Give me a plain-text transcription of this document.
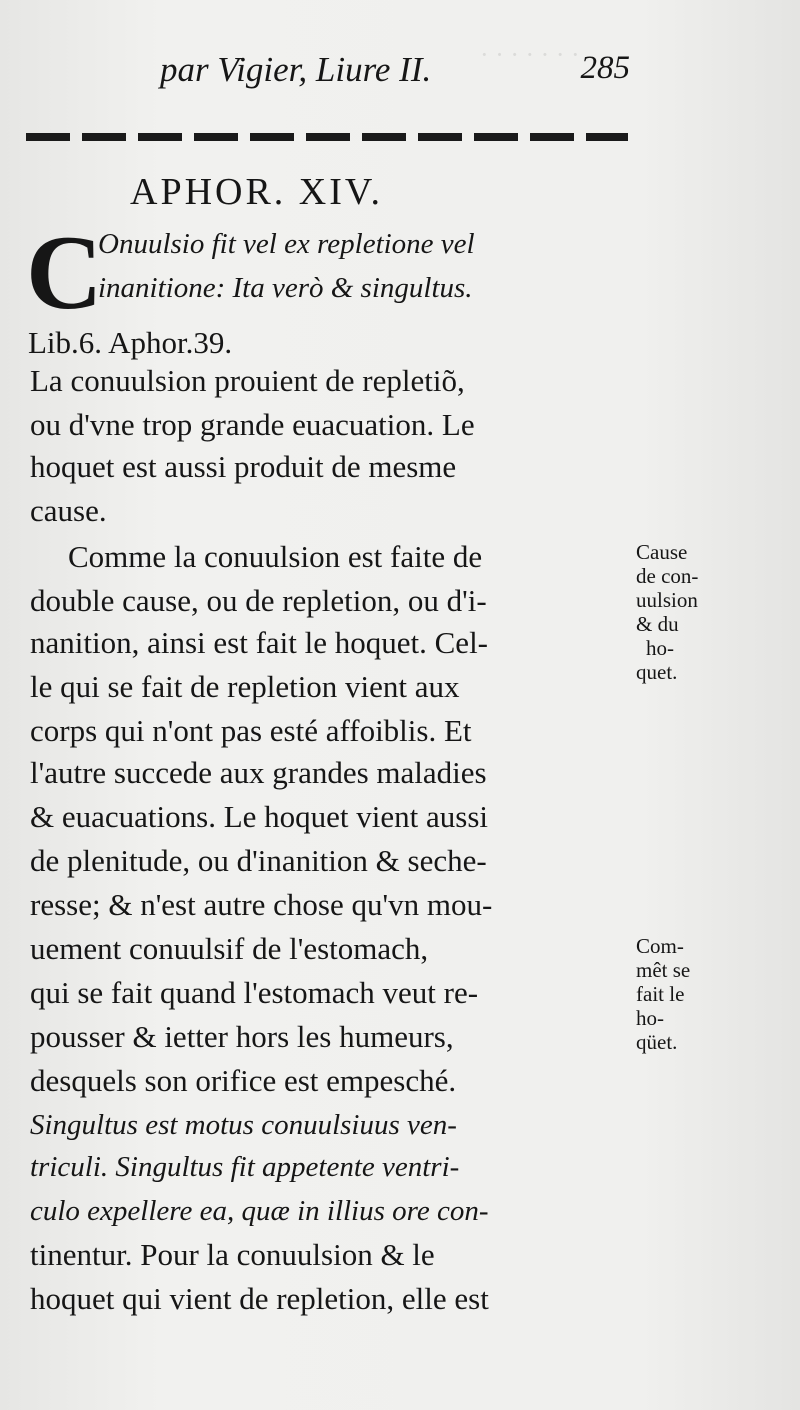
· · · · · · ·
par Vigier, Liure II.	285
APHOR. XIV.
C
Onuulsio fit vel ex repletione vel
inanitione: Ita verò & singultus.
Lib.6. Aphor.39.
La conuulsion prouient de repletiõ,
ou d'vne trop grande euacuation. Le
hoquet est aussi produit de mesme
cause.
Comme la conuulsion est faite de
double cause, ou de repletion, ou d'i-
nanition, ainsi est fait le hoquet. Cel-
le qui se fait de repletion vient aux
corps qui n'ont pas esté affoiblis. Et
l'autre succede aux grandes maladies
& euacuations. Le hoquet vient aussi
de plenitude, ou d'inanition & seche-
resse; & n'est autre chose qu'vn mou-
uement conuulsif de l'estomach,
qui se fait quand l'estomach veut re-
pousser & ietter hors les humeurs,
desquels son orifice est empesché.
Singultus est motus conuulsiuus ven-
triculi. Singultus fit appetente ventri-
culo expellere ea, quæ in illius ore con-
tinentur. Pour la conuulsion & le
hoquet qui vient de repletion, elle est
Cause
de con-
uulsion
& du
ho-
quet.
Com-
mêt se
fait le
ho-
qüet.
